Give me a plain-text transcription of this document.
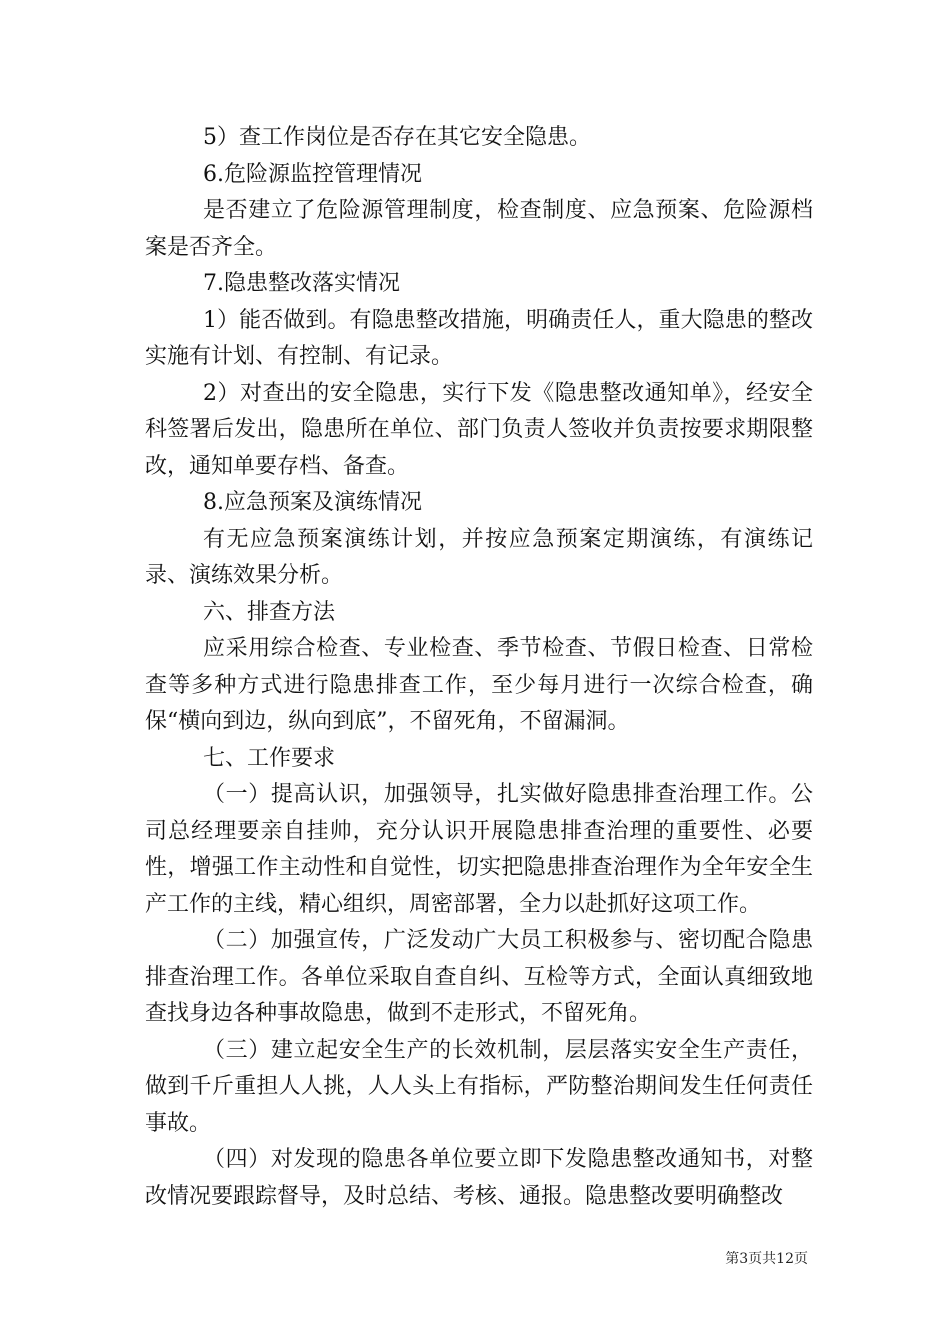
5）查工作岗位是否存在其它安全隐患。

6.危险源监控管理情况

是否建立了危险源管理制度，检查制度、应急预案、危险源档案是否齐全。

7.隐患整改落实情况

1）能否做到。有隐患整改措施，明确责任人，重大隐患的整改实施有计划、有控制、有记录。

2）对查出的安全隐患，实行下发《隐患整改通知单》，经安全科签署后发出，隐患所在单位、部门负责人签收并负责按要求期限整改，通知单要存档、备查。

8.应急预案及演练情况

有无应急预案演练计划，并按应急预案定期演练，有演练记录、演练效果分析。

六、排查方法

应采用综合检查、专业检查、季节检查、节假日检查、日常检查等多种方式进行隐患排查工作，至少每月进行一次综合检查，确保“横向到边，纵向到底”，不留死角，不留漏洞。

七、工作要求

（一）提高认识，加强领导，扎实做好隐患排查治理工作。公司总经理要亲自挂帅，充分认识开展隐患排查治理的重要性、必要性，增强工作主动性和自觉性，切实把隐患排查治理作为全年安全生产工作的主线，精心组织，周密部署，全力以赴抓好这项工作。

（二）加强宣传，广泛发动广大员工积极参与、密切配合隐患排查治理工作。各单位采取自查自纠、互检等方式，全面认真细致地查找身边各种事故隐患，做到不走形式，不留死角。

（三）建立起安全生产的长效机制，层层落实安全生产责任，做到千斤重担人人挑，人人头上有指标，严防整治期间发生任何责任事故。

（四）对发现的隐患各单位要立即下发隐患整改通知书，对整改情况要跟踪督导，及时总结、考核、通报。隐患整改要明确整改

第3页共12页
